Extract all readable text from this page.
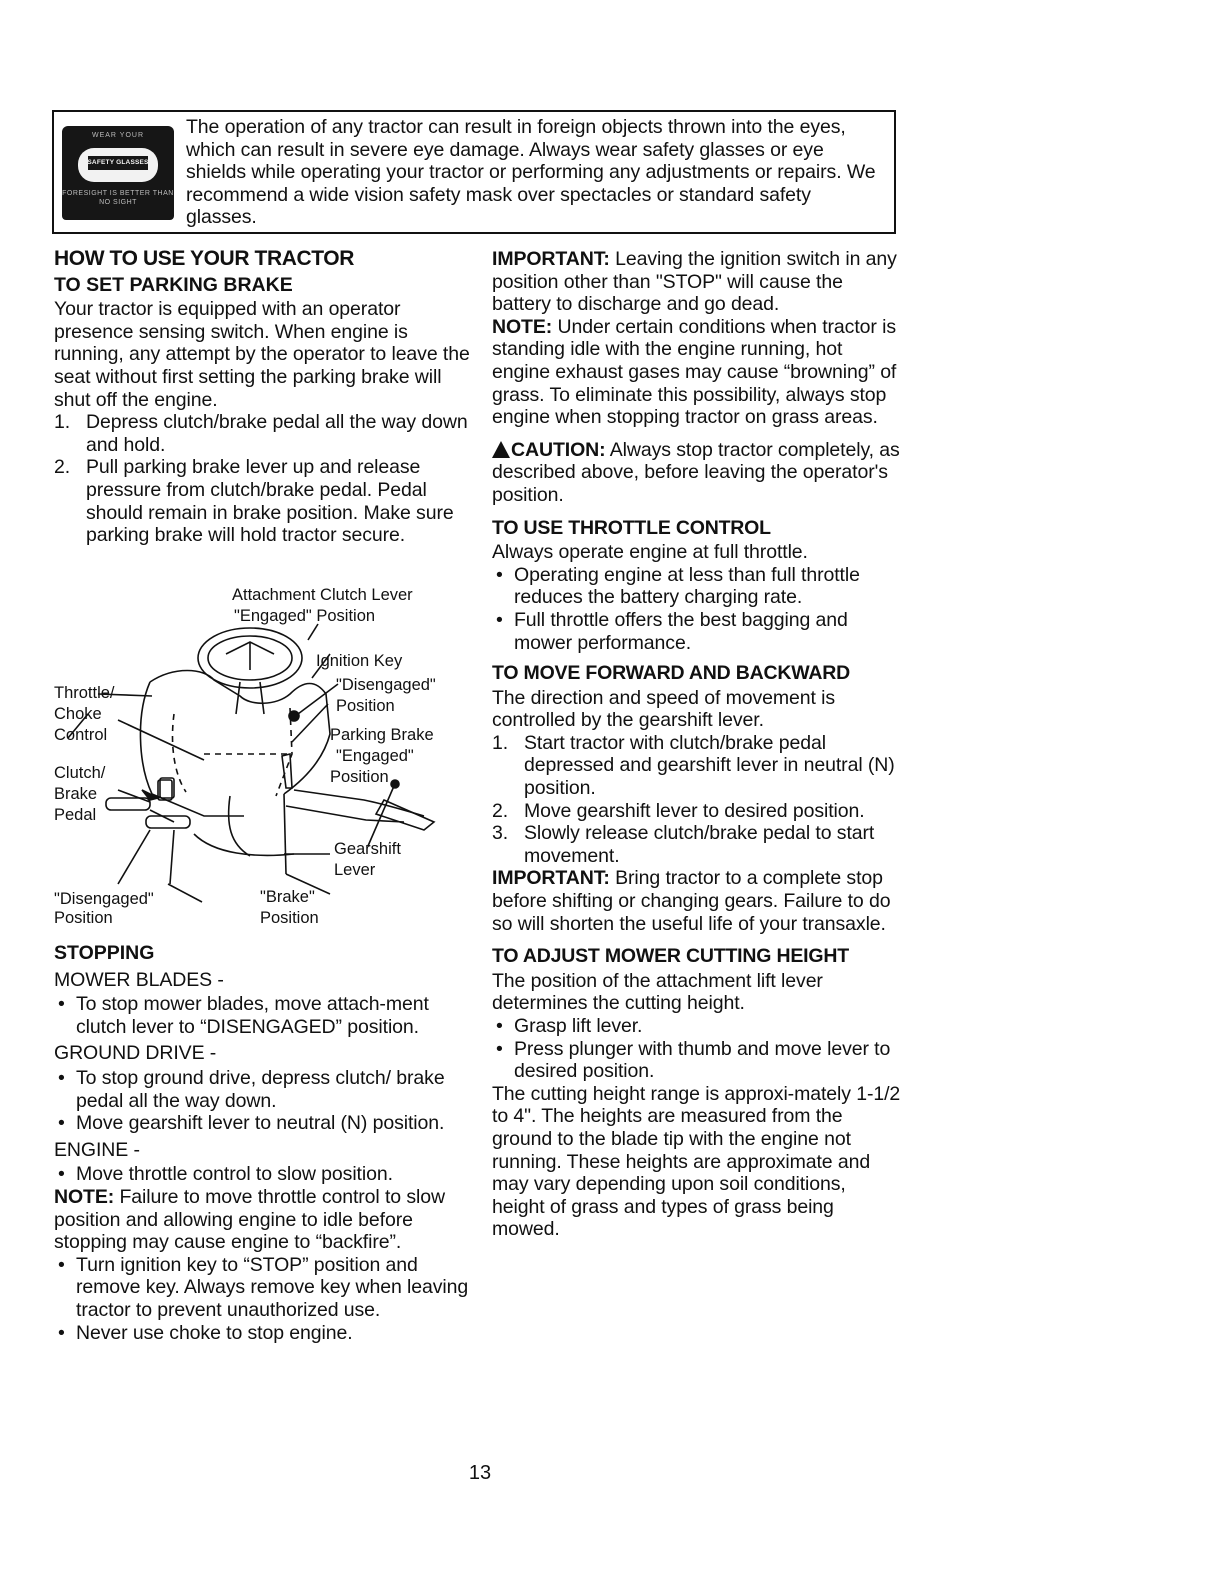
WEAR YOUR
SAFETY GLASSES
FORESIGHT IS BETTER THAN NO SIGHT
The operation of any tractor can result in foreign objects thrown into the eyes, which can result in severe eye damage. Always wear safety glasses or eye shields while operating your tractor or performing any adjustments or repairs. We recommend a wide vision safety mask over spectacles or standard safety glasses.
HOW TO USE YOUR TRACTOR
TO SET PARKING BRAKE

Your tractor is equipped with an operator presence sensing switch. When engine is running, any attempt by the operator to leave the seat without first setting the parking brake will shut off the engine.

1. Depress clutch/brake pedal all the way down and hold.
2. Pull parking brake lever up and release pressure from clutch/brake pedal. Pedal should remain in brake position. Make sure parking brake will hold tractor secure.
Attachment Clutch Lever
"Engaged" Position
Ignition Key
"Disengaged"
Position
Throttle/
Choke
Control	Parking Brake
"Engaged"
Position
Clutch/
Brake
Pedal
Gearshift
Lever
"Disengaged"
Position
"Brake"
Position
STOPPING
MOWER BLADES -
• To stop mower blades, move attach-ment clutch lever to “DISENGAGED” position.
GROUND DRIVE -
• To stop ground drive, depress clutch/ brake pedal all the way down.
• Move gearshift lever to neutral (N) position.
ENGINE -
• Move throttle control to slow position.

NOTE: Failure to move throttle control to slow position and allowing engine to idle before stopping may cause engine to “backfire”.

• Turn ignition key to “STOP” position and remove key. Always remove key when leaving tractor to prevent unauthorized use.
• Never use choke to stop engine.

IMPORTANT: Leaving the ignition switch in any position other than "STOP" will cause the battery to discharge and go dead.

NOTE: Under certain conditions when tractor is standing idle with the engine running, hot engine exhaust gases may cause “browning” of grass. To eliminate this possibility, always stop engine when stopping tractor on grass areas.

CAUTION: Always stop tractor completely, as described above, before leaving the operator's position.

TO USE THROTTLE CONTROL

Always operate engine at full throttle.

• Operating engine at less than full throttle reduces the battery charging rate.
• Full throttle offers the best bagging and mower performance.
TO MOVE FORWARD AND BACKWARD

The direction and speed of movement is controlled by the gearshift lever.

1. Start tractor with clutch/brake pedal depressed and gearshift lever in neutral (N) position.
2. Move gearshift lever to desired position.
3. Slowly release clutch/brake pedal to start movement.

IMPORTANT: Bring tractor to a complete stop before shifting or changing gears. Failure to do so will shorten the useful life of your transaxle.

TO ADJUST MOWER CUTTING HEIGHT

The position of the attachment lift lever determines the cutting height.

• Grasp lift lever.
• Press plunger with thumb and move lever to desired position.

The cutting height range is approxi-mately 1-1/2 to 4". The heights are measured from the ground to the blade tip with the engine not running. These heights are approximate and may vary depending upon soil conditions, height of grass and types of grass being mowed.

13
